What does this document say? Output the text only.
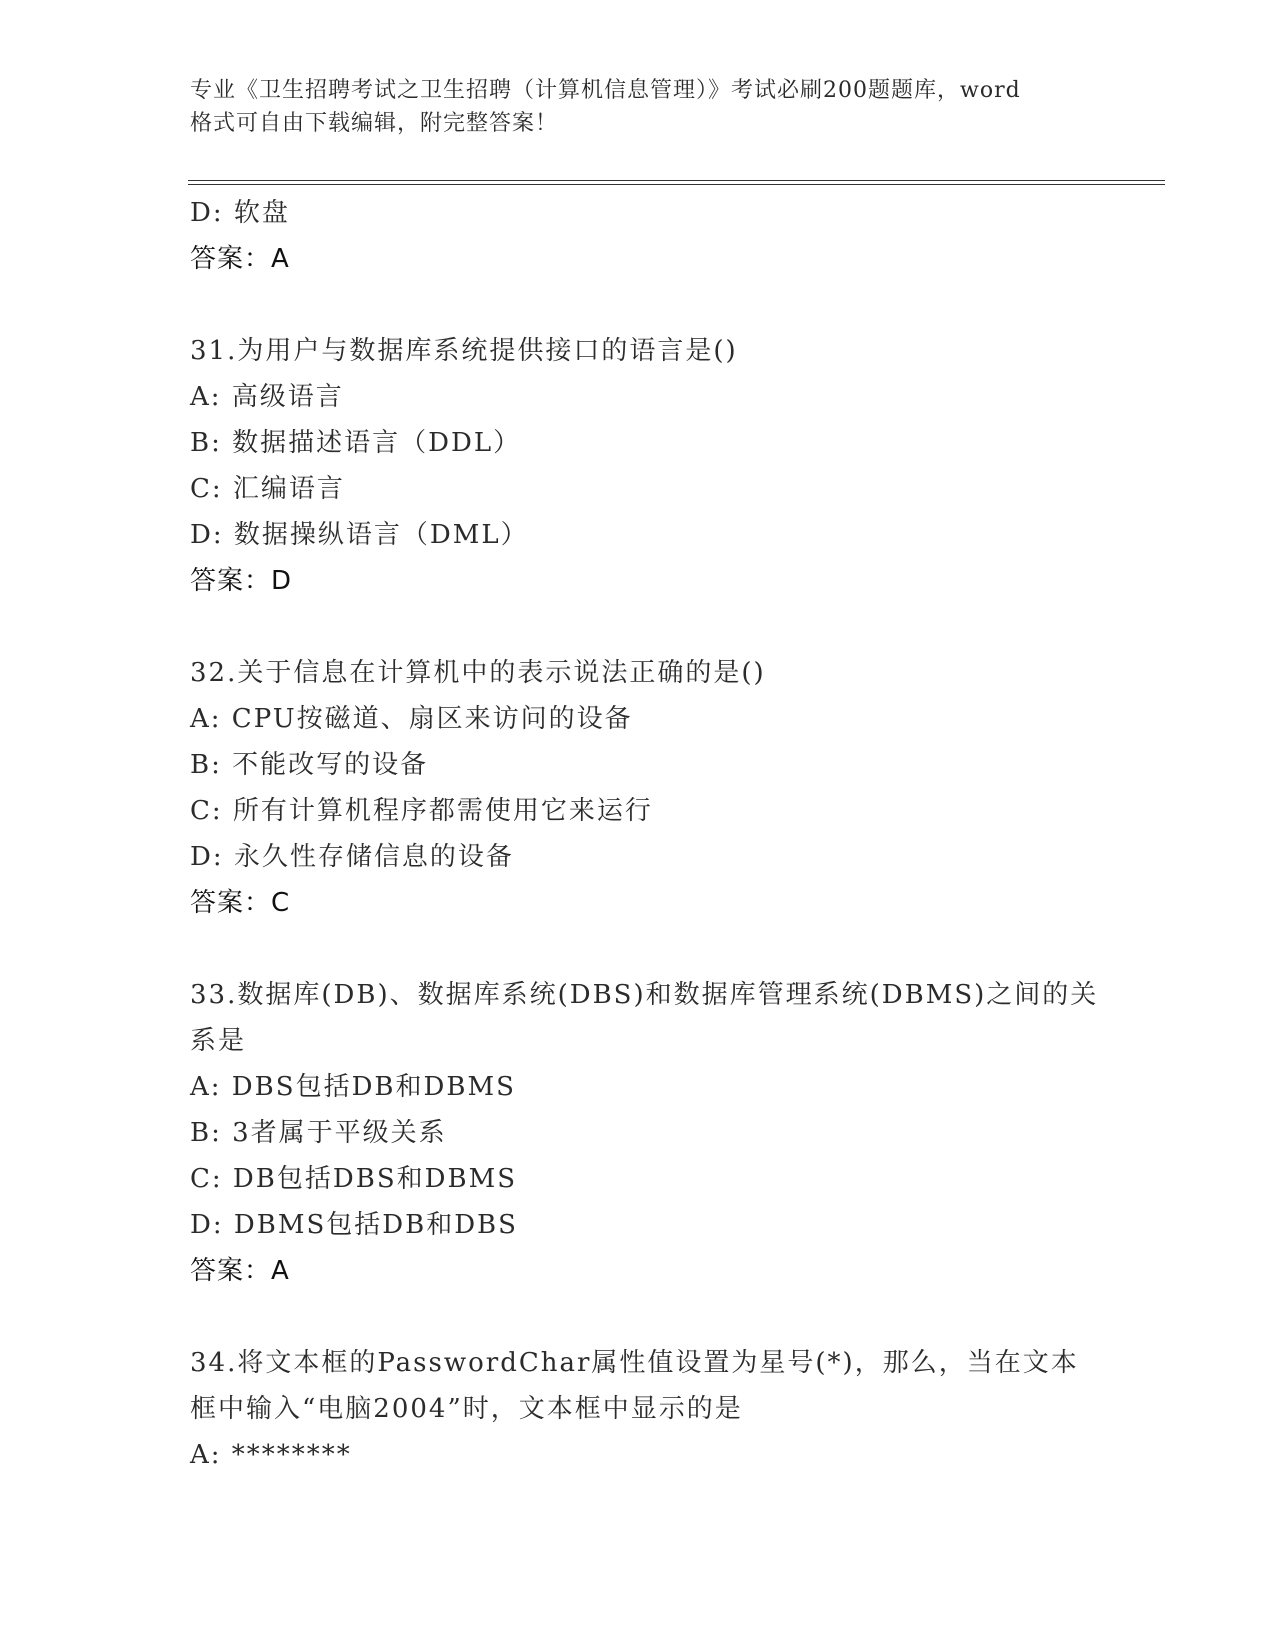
专业《卫生招聘考试之卫生招聘（计算机信息管理）》考试必刷200题题库，word
格式可自由下载编辑，附完整答案！
D: 软盘
答案：A
31.为用户与数据库系统提供接口的语言是()
A: 高级语言
B: 数据描述语言（DDL）
C: 汇编语言
D: 数据操纵语言（DML）
答案：D
32.关于信息在计算机中的表示说法正确的是()
A: CPU按磁道、扇区来访问的设备
B: 不能改写的设备
C: 所有计算机程序都需使用它来运行
D: 永久性存储信息的设备
答案：C
33.数据库(DB)、数据库系统(DBS)和数据库管理系统(DBMS)之间的关
系是
A: DBS包括DB和DBMS
B: 3者属于平级关系
C: DB包括DBS和DBMS
D: DBMS包括DB和DBS
答案：A
34.将文本框的PasswordChar属性值设置为星号(*)，那么，当在文本
框中输入“电脑2004”时，文本框中显示的是
A: ********
